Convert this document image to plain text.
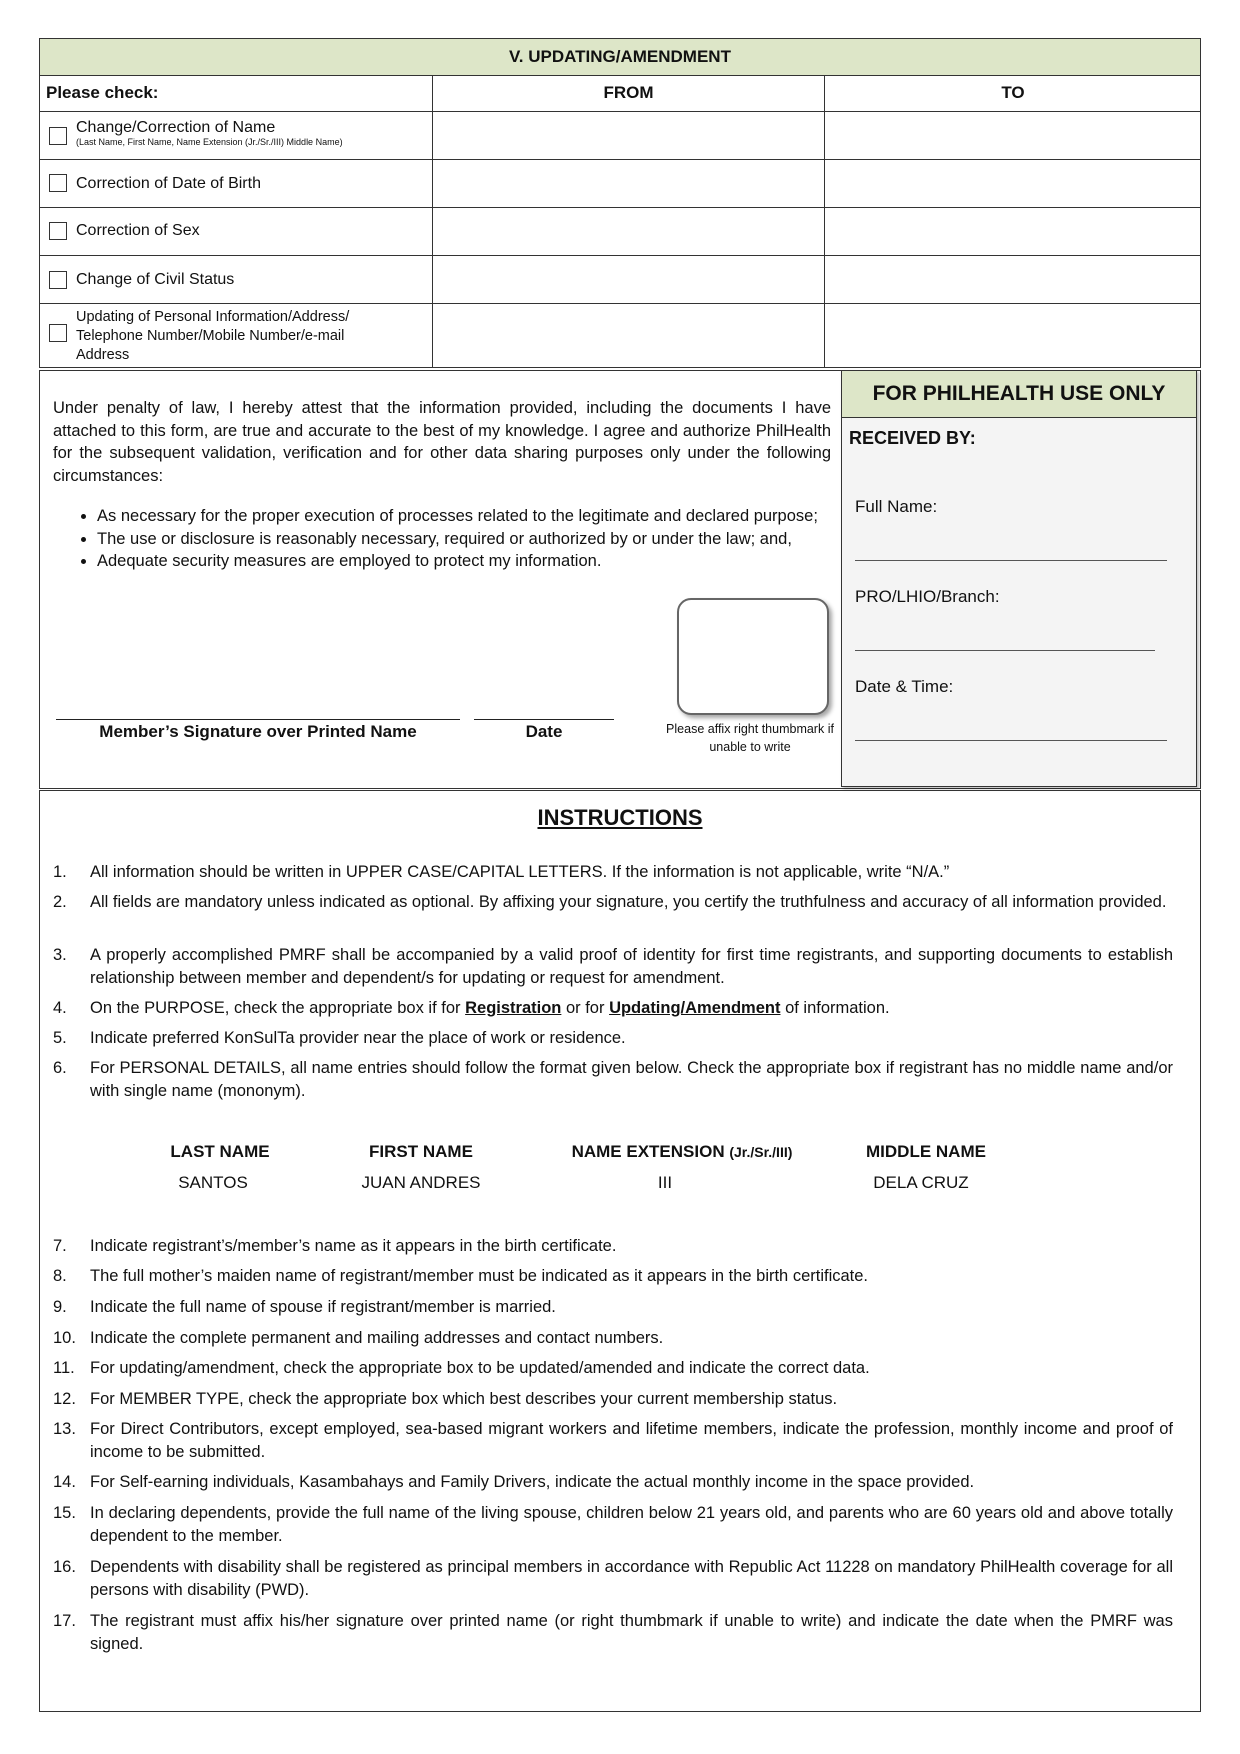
V. UPDATING/AMENDMENT
Please check:	FROM	TO
Change/Correction of Name
(Last Name, First Name, Name Extension (Jr./Sr./III) Middle Name)
Correction of Date of Birth
Correction of Sex
Change of Civil Status
Updating of Personal Information/Address/ Telephone Number/Mobile Number/e-mail Address
Under penalty of law, I hereby attest that the information provided, including the documents I have attached to this form, are true and accurate to the best of my knowledge. I agree and authorize PhilHealth for the subsequent validation, verification and for other data sharing purposes only under the following circumstances:
• As necessary for the proper execution of processes related to the legitimate and declared purpose;
• The use or disclosure is reasonably necessary, required or authorized by or under the law; and,
• Adequate security measures are employed to protect my information.
Please affix right thumbmark if unable to write
Member’s Signature over Printed Name	Date
FOR PHILHEALTH USE ONLY
RECEIVED BY:
Full Name:
PRO/LHIO/Branch:
Date & Time:
INSTRUCTIONS
1.	All information should be written in UPPER CASE/CAPITAL LETTERS. If the information is not applicable, write “N/A.”
2.	All fields are mandatory unless indicated as optional. By affixing your signature, you certify the truthfulness and accuracy of all information provided.
3.	A properly accomplished PMRF shall be accompanied by a valid proof of identity for first time registrants, and supporting documents to establish relationship between member and dependent/s for updating or request for amendment.
4.	On the PURPOSE, check the appropriate box if for Registration or for Updating/Amendment of information.
5.	Indicate preferred KonSulTa provider near the place of work or residence.
6.	For PERSONAL DETAILS, all name entries should follow the format given below. Check the appropriate box if registrant has no middle name and/or with single name (mononym).
LAST NAME	FIRST NAME	NAME EXTENSION (Jr./Sr./III)	MIDDLE NAME
SANTOS	JUAN ANDRES	III	DELA CRUZ
7.	Indicate registrant’s/member’s name as it appears in the birth certificate.
8.	The full mother’s maiden name of registrant/member must be indicated as it appears in the birth certificate.
9.	Indicate the full name of spouse if registrant/member is married.
10. Indicate the complete permanent and mailing addresses and contact numbers.
11. For updating/amendment, check the appropriate box to be updated/amended and indicate the correct data.
12. For MEMBER TYPE, check the appropriate box which best describes your current membership status.
13. For Direct Contributors, except employed, sea-based migrant workers and lifetime members, indicate the profession, monthly income and proof of income to be submitted.
14. For Self-earning individuals, Kasambahays and Family Drivers, indicate the actual monthly income in the space provided.
15. In declaring dependents, provide the full name of the living spouse, children below 21 years old, and parents who are 60 years old and above totally dependent to the member.
16. Dependents with disability shall be registered as principal members in accordance with Republic Act 11228 on mandatory PhilHealth coverage for all persons with disability (PWD).
17. The registrant must affix his/her signature over printed name (or right thumbmark if unable to write) and indicate the date when the PMRF was signed.
